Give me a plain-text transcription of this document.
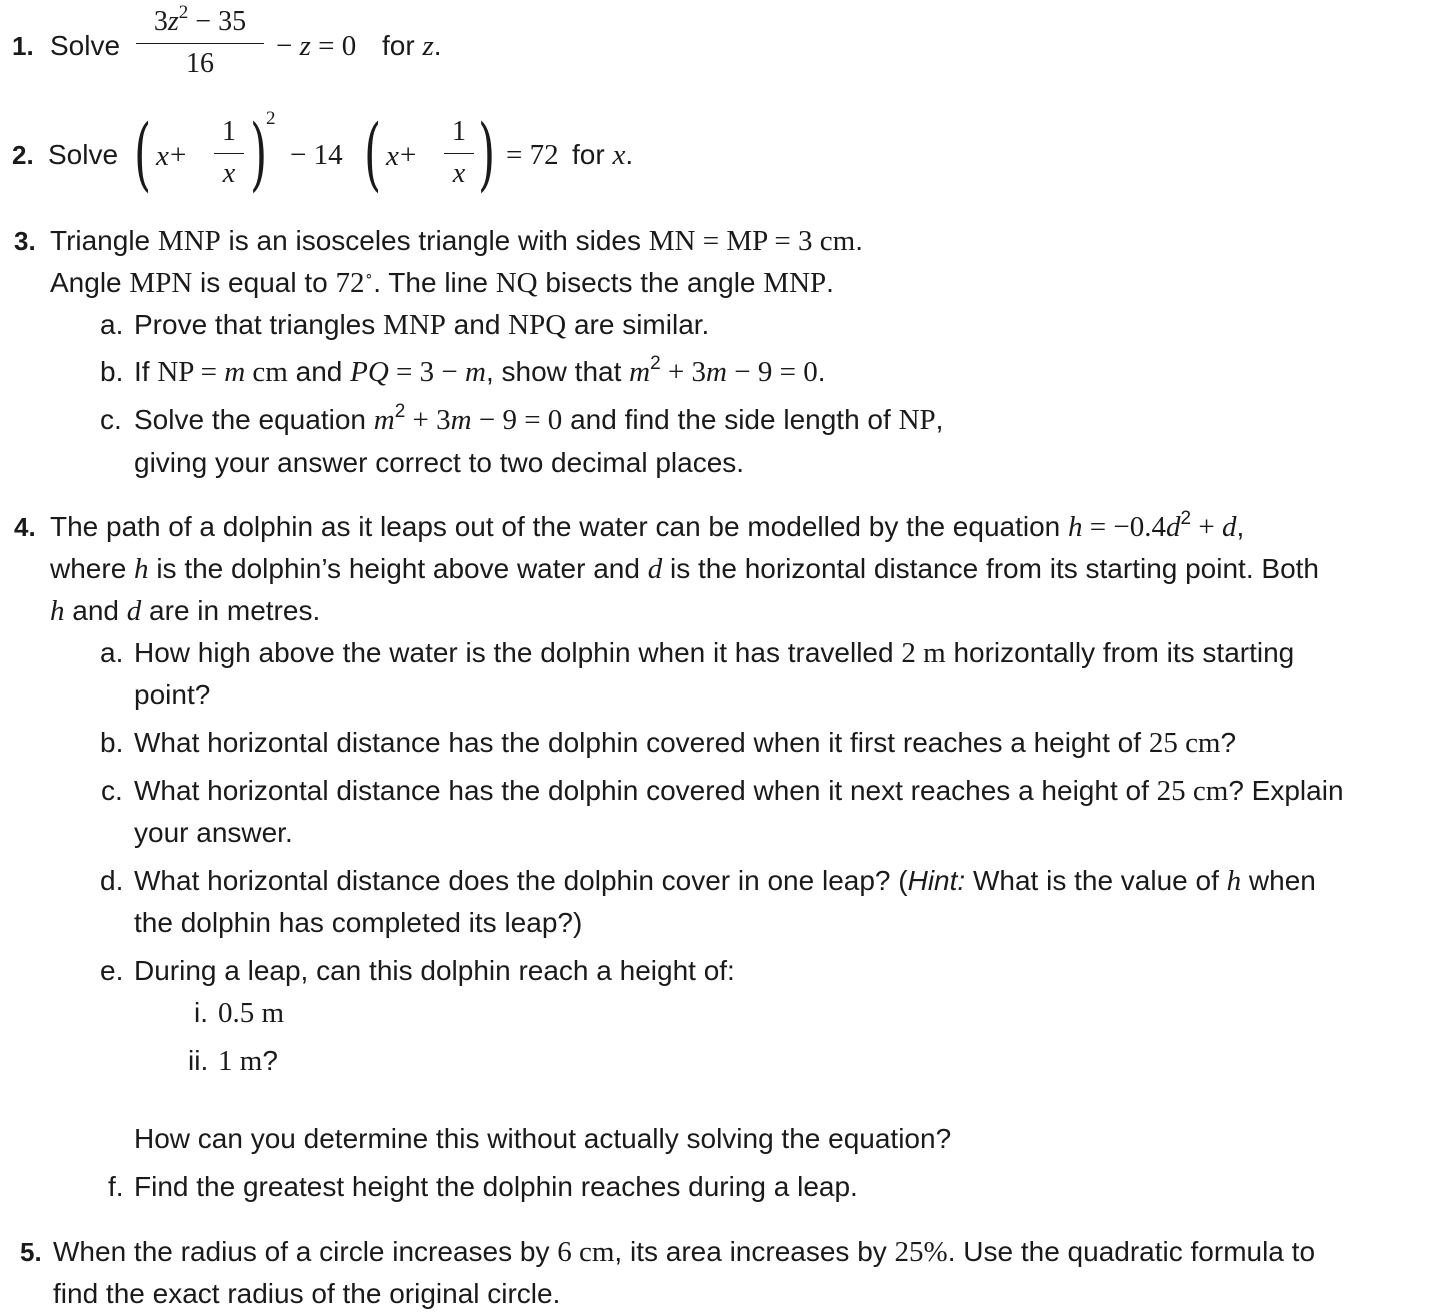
1. Solve
$3z^2 - 35$
16
− z = 0 for z.
2. Solve ( x +
1
x )
2
− 14 ( x +
1
x ) = 72 for x.
3. Triangle MNP is an isosceles triangle with sides MN = MP = 3 cm.
Angle MPN is equal to 72∘. The line NQ bisects the angle MNP.
a. Prove that triangles MNP and NPQ are similar.
b. If NP = m cm and PQ = 3 − m, show that $m^2 + 3m - 9 = 0$.
c. Solve the equation $m^2 + 3m - 9 = 0$ and find the side length of NP,
giving your answer correct to two decimal places.
4. The path of a dolphin as it leaps out of the water can be modelled by the equation $h = -0.4d^2 + d$,
where h is the dolphin’s height above water and d is the horizontal distance from its starting point. Both
h and d are in metres.
a. How high above the water is the dolphin when it has travelled 2 m horizontally from its starting
point?
b. What horizontal distance has the dolphin covered when it first reaches a height of 25 cm?
c. What horizontal distance has the dolphin covered when it next reaches a height of 25 cm? Explain
your answer.
d. What horizontal distance does the dolphin cover in one leap? (Hint: What is the value of h when
the dolphin has completed its leap?)
e. During a leap, can this dolphin reach a height of:
i. 0.5 m
ii. 1 m?
How can you determine this without actually solving the equation?
f. Find the greatest height the dolphin reaches during a leap.
5. When the radius of a circle increases by 6 cm, its area increases by 25%. Use the quadratic formula to
find the exact radius of the original circle.
